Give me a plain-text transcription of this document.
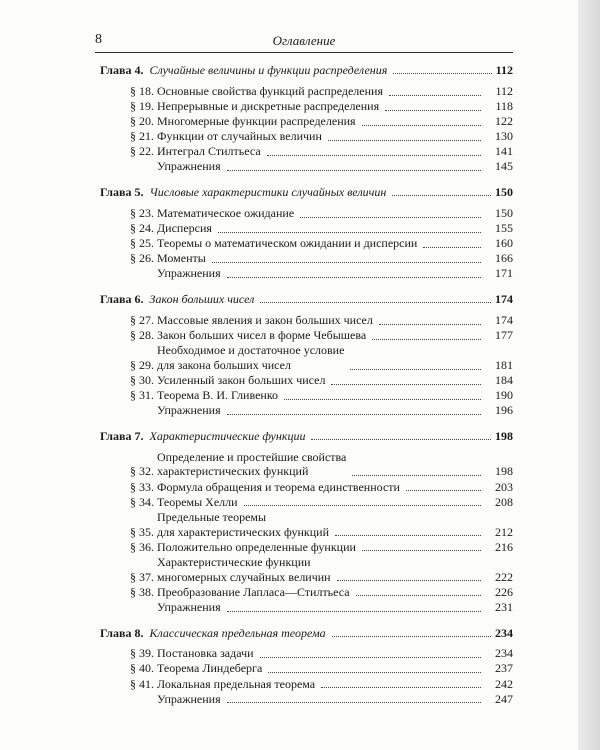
8	Оглавление
Глава 4. Случайные величины и функции распределения	112
§ 18. Основные свойства функций распределения	112
§ 19. Непрерывные и дискретные распределения	118
§ 20. Многомерные функции распределения	122
§ 21. Функции от случайных величин	130
§ 22. Интеграл Стилтьеса	141
Упражнения	145
Глава 5. Числовые характеристики случайных величин	150
§ 23. Математическое ожидание	150
§ 24. Дисперсия	155
§ 25. Теоремы о математическом ожидании и дисперсии	160
§ 26. Моменты	166
Упражнения	171
Глава 6. Закон больших чисел	174
§ 27. Массовые явления и закон больших чисел	174
§ 28. Закон больших чисел в форме Чебышева	177
§ 29.
Необходимое и достаточное условие
для закона больших чисел	181
§ 30. Усиленный закон больших чисел	184
§ 31. Теорема В. И. Гливенко	190
Упражнения	196
Глава 7. Характеристические функции	198
§ 32.
Определение и простейшие свойства
характеристических функций	198
§ 33. Формула обращения и теорема единственности	203
§ 34. Теоремы Хелли	208
§ 35.
Предельные теоремы
для характеристических функций	212
§ 36. Положительно определенные функции	216
§ 37.
Характеристические функции
многомерных случайных величин	222
§ 38. Преобразование Лапласа—Стилтьеса	226
Упражнения	231
Глава 8. Классическая предельная теорема	234
§ 39. Постановка задачи	234
§ 40. Теорема Линдеберга	237
§ 41. Локальная предельная теорема	242
Упражнения	247
